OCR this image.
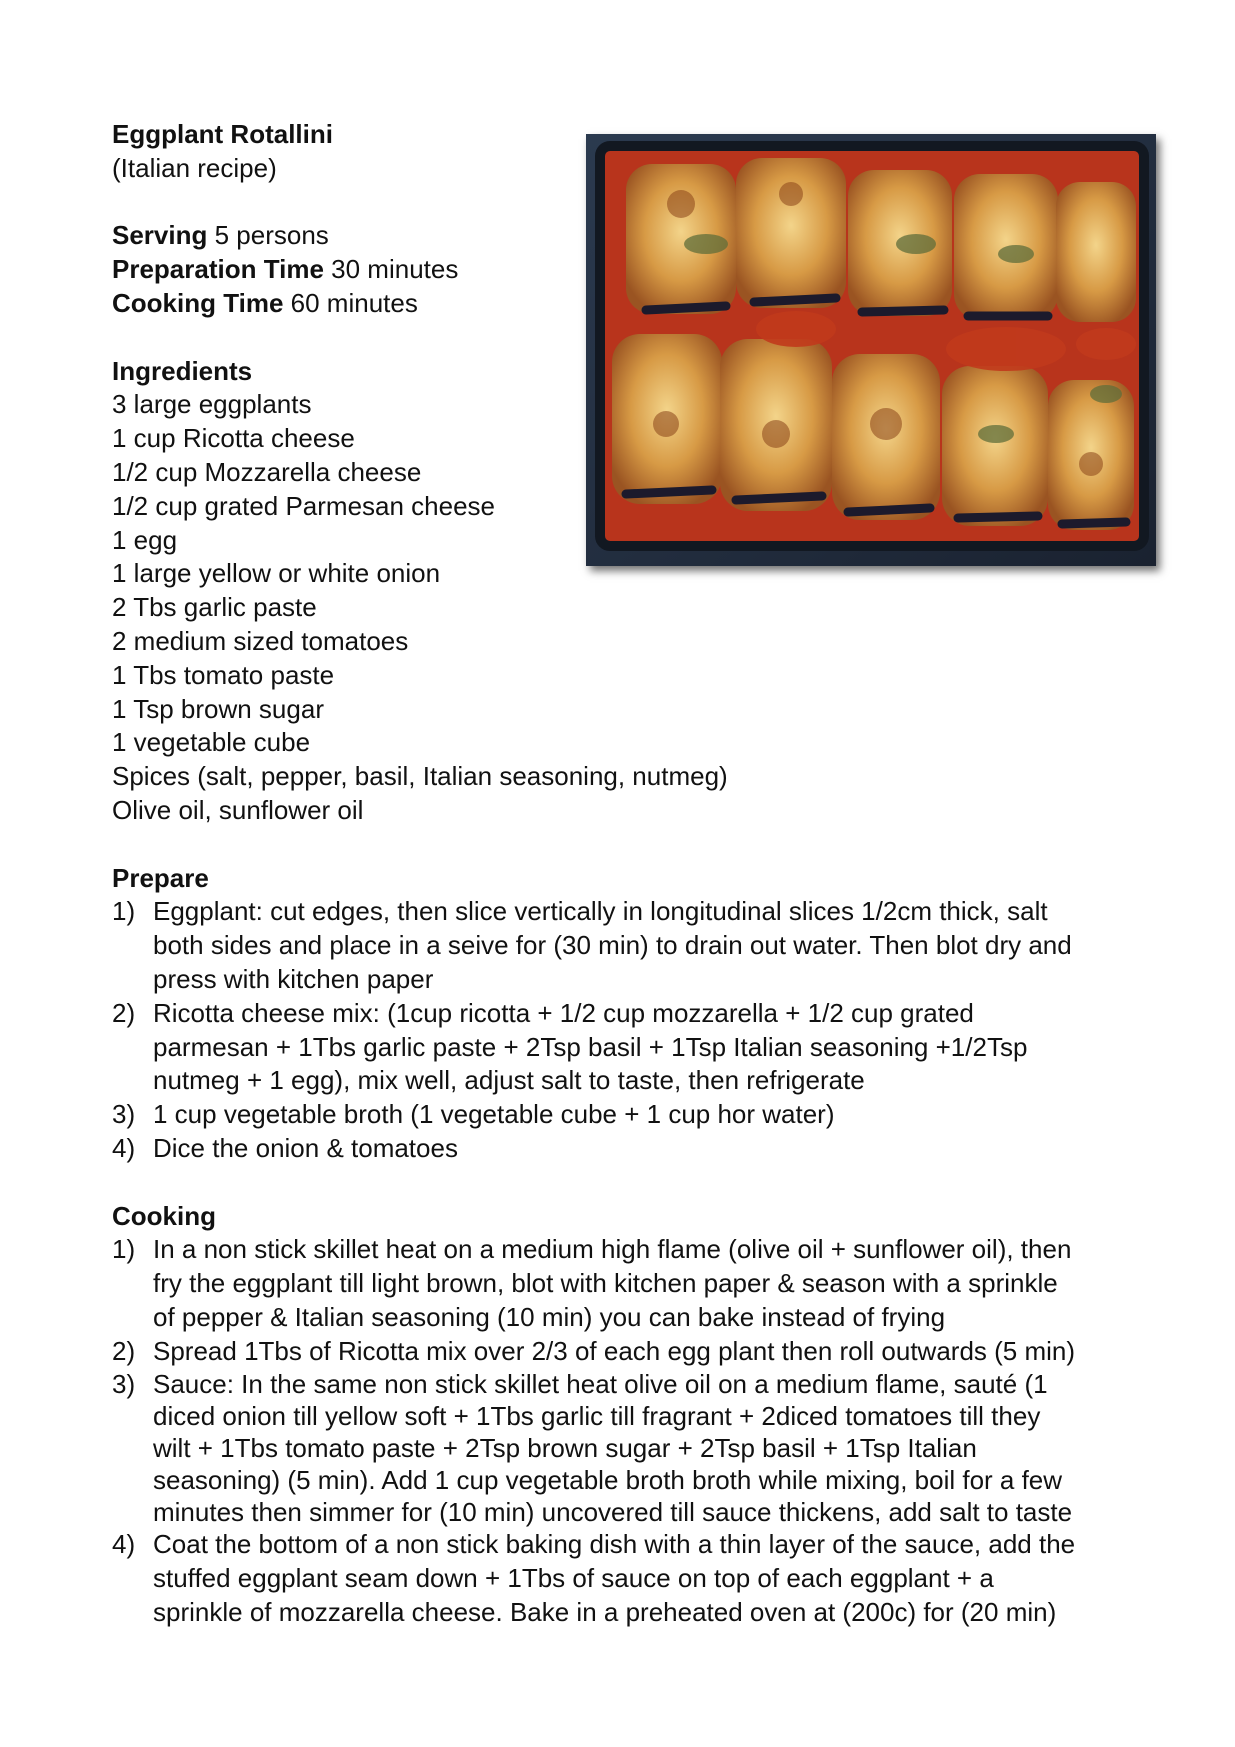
Eggplant Rotallini
(Italian recipe)
Serving 5 persons
Preparation Time 30 minutes
Cooking Time 60 minutes
Ingredients
3 large eggplants
1 cup Ricotta cheese
1/2 cup Mozzarella cheese
1/2 cup grated Parmesan cheese
1 egg
1 large yellow or white onion
2 Tbs garlic paste
2 medium sized tomatoes
1 Tbs tomato paste
1 Tsp brown sugar
1 vegetable cube
Spices (salt, pepper, basil, Italian seasoning, nutmeg)
Olive oil, sunflower oil
Prepare
1) Eggplant: cut edges, then slice vertically in longitudinal slices 1/2cm thick, salt
both sides and place in a seive for (30 min) to drain out water. Then blot dry and
press with kitchen paper
2) Ricotta cheese mix: (1cup ricotta + 1/2 cup mozzarella + 1/2 cup grated
parmesan + 1Tbs garlic paste + 2Tsp basil + 1Tsp Italian seasoning +1/2Tsp
nutmeg + 1 egg), mix well, adjust salt to taste, then refrigerate
3) 1 cup vegetable broth (1 vegetable cube + 1 cup hor water)
4) Dice the onion & tomatoes
Cooking
1) In a non stick skillet heat on a medium high flame (olive oil + sunflower oil), then
fry the eggplant till light brown, blot with kitchen paper & season with a sprinkle
of pepper & Italian seasoning (10 min) you can bake instead of frying
2) Spread 1Tbs of Ricotta mix over 2/3 of each egg plant then roll outwards (5 min)
3) Sauce: In the same non stick skillet heat olive oil on a medium flame, sauté (1
diced onion till yellow soft + 1Tbs garlic till fragrant + 2diced tomatoes till they
wilt + 1Tbs tomato paste + 2Tsp brown sugar + 2Tsp basil + 1Tsp Italian
seasoning) (5 min). Add 1 cup vegetable broth broth while mixing, boil for a few
minutes then simmer for (10 min) uncovered till sauce thickens, add salt to taste
4) Coat the bottom of a non stick baking dish with a thin layer of the sauce, add the
stuffed eggplant seam down + 1Tbs of sauce on top of each eggplant + a
sprinkle of mozzarella cheese. Bake in a preheated oven at (200c) for (20 min)
